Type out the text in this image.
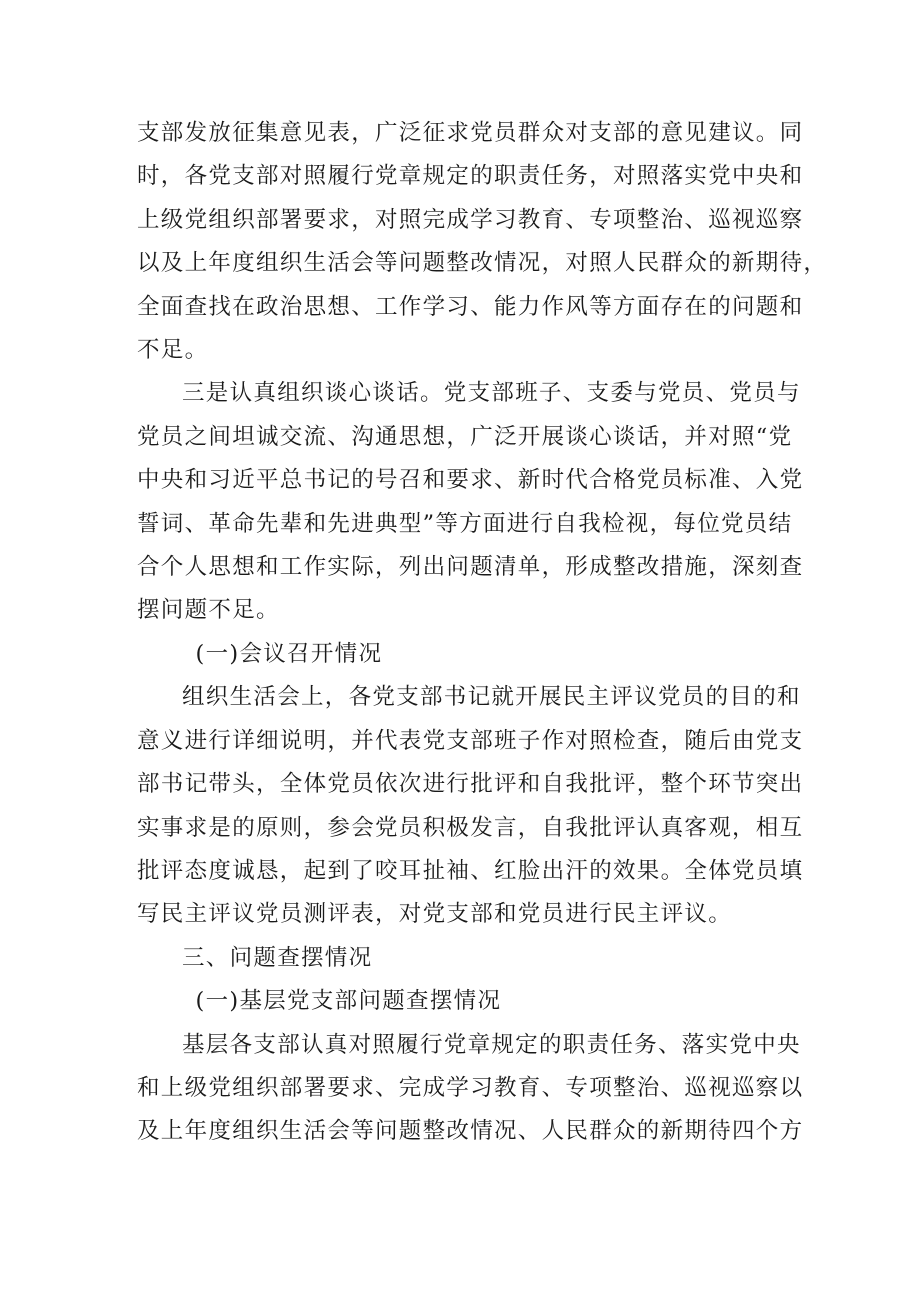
支部发放征集意见表，广泛征求党员群众对支部的意见建议。同
时，各党支部对照履行党章规定的职责任务，对照落实党中央和
上级党组织部署要求，对照完成学习教育、专项整治、巡视巡察
以及上年度组织生活会等问题整改情况，对照人民群众的新期待，
全面查找在政治思想、工作学习、能力作风等方面存在的问题和
不足。

三是认真组织谈心谈话。党支部班子、支委与党员、党员与
党员之间坦诚交流、沟通思想，广泛开展谈心谈话，并对照“党
中央和习近平总书记的号召和要求、新时代合格党员标准、入党
誓词、革命先辈和先进典型”等方面进行自我检视，每位党员结
合个人思想和工作实际，列出问题清单，形成整改措施，深刻查
摆问题不足。

(一)会议召开情况

组织生活会上，各党支部书记就开展民主评议党员的目的和
意义进行详细说明，并代表党支部班子作对照检查，随后由党支
部书记带头，全体党员依次进行批评和自我批评，整个环节突出
实事求是的原则，参会党员积极发言，自我批评认真客观，相互
批评态度诚恳，起到了咬耳扯袖、红脸出汗的效果。全体党员填
写民主评议党员测评表，对党支部和党员进行民主评议。

三、问题查摆情况

(一)基层党支部问题查摆情况

基层各支部认真对照履行党章规定的职责任务、落实党中央
和上级党组织部署要求、完成学习教育、专项整治、巡视巡察以
及上年度组织生活会等问题整改情况、人民群众的新期待四个方
